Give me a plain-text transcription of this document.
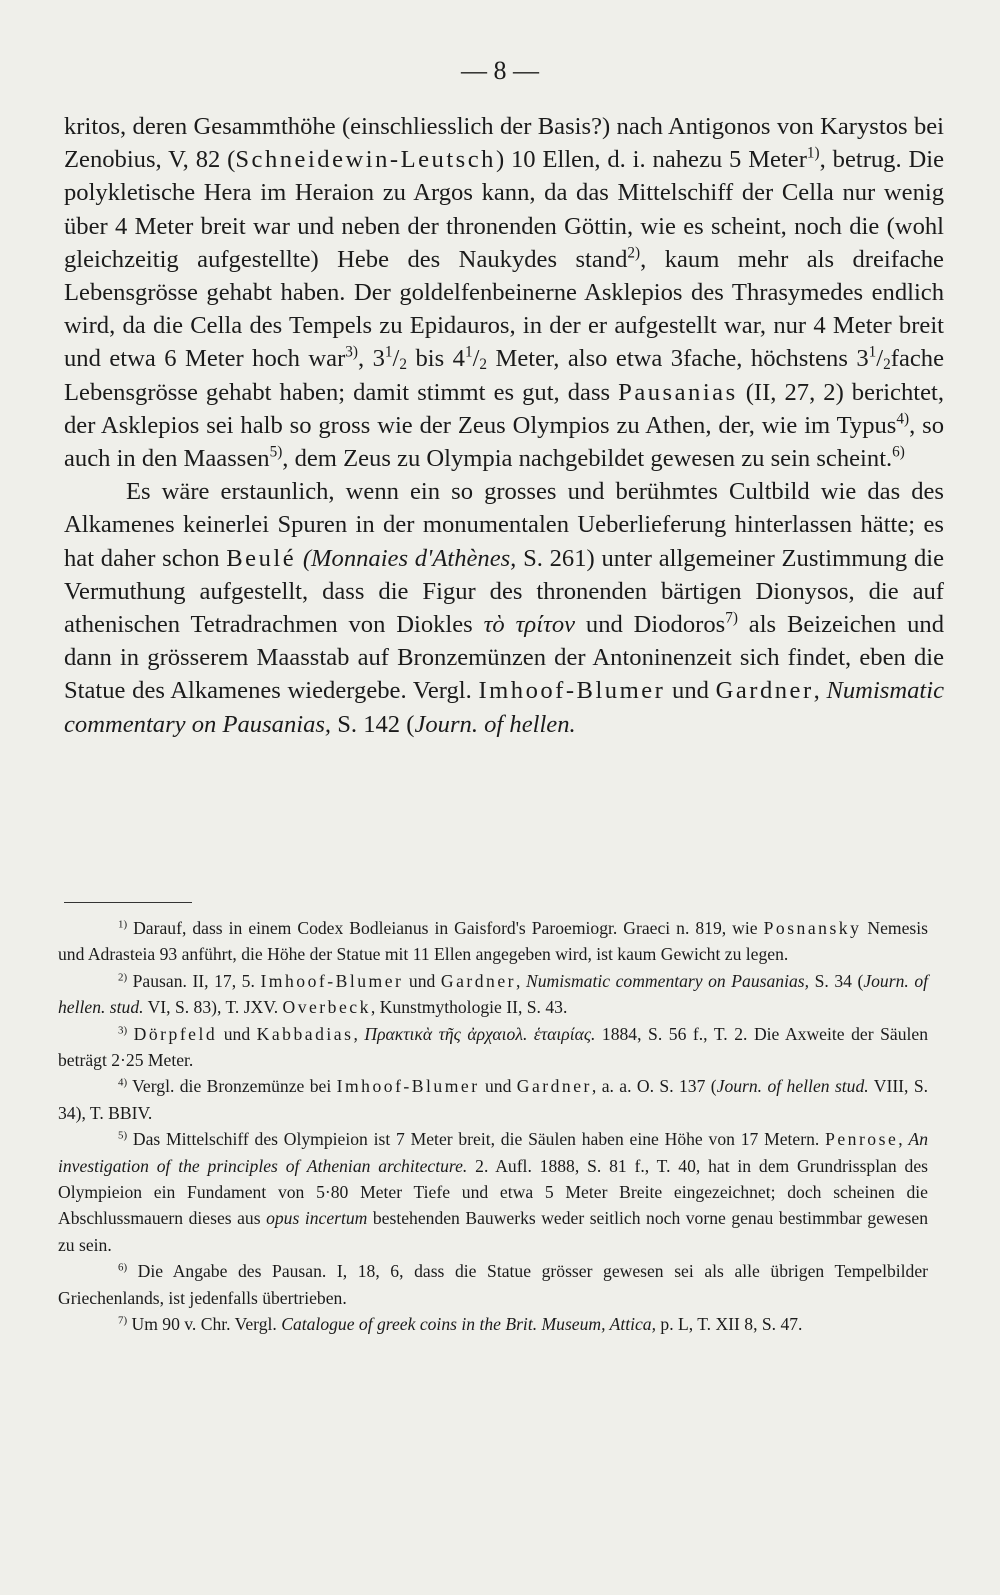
— 8 —

kritos, deren Gesammthöhe (einschliesslich der Basis?) nach Antigonos von Karystos bei Zenobius, V, 82 (Schneidewin-Leutsch) 10 Ellen, d. i. nahezu 5 Meter$^{1)}$, betrug. Die polykletische Hera im Heraion zu Argos kann, da das Mittelschiff der Cella nur wenig über 4 Meter breit war und neben der thronenden Göttin, wie es scheint, noch die (wohl gleichzeitig aufgestellte) Hebe des Naukydes stand$^{2)}$, kaum mehr als dreifache Lebensgrösse gehabt haben. Der goldelfenbeinerne Asklepios des Thrasymedes endlich wird, da die Cella des Tempels zu Epidauros, in der er aufgestellt war, nur 4 Meter breit und etwa 6 Meter hoch war$^{3)}$, $3^1/_2$ bis $4^1/_2$ Meter, also etwa 3fache, höchstens $3^1/_2fache$ Lebensgrösse gehabt haben; damit stimmt es gut, dass Pausanias (II, 27, 2) berichtet, der Asklepios sei halb so gross wie der Zeus Olympios zu Athen, der, wie im Typus$^{4)}$, so auch in den Maassen$^{5)}$, dem Zeus zu Olympia nachgebildet gewesen zu sein scheint.$^{6)}$

Es wäre erstaunlich, wenn ein so grosses und berühmtes Cultbild wie das des Alkamenes keinerlei Spuren in der monumentalen Ueberlieferung hinterlassen hätte; es hat daher schon Beulé (Monnaies d'Athènes, S. 261) unter allgemeiner Zustimmung die Vermuthung aufgestellt, dass die Figur des thronenden bärtigen Dionysos, die auf athenischen Tetradrachmen von Diokles τὸ τρίτον und Diodoros$^{7)}$ als Beizeichen und dann in grösserem Maasstab auf Bronzemünzen der Antoninenzeit sich findet, eben die Statue des Alkamenes wiedergebe. Vergl. Imhoof-Blumer und Gardner, Numismatic commentary on Pausanias, S. 142 (Journ. of hellen.

$^{1)}$ Darauf, dass in einem Codex Bodleianus in Gaisford's Paroemiogr. Graeci n. 819, wie Posnansky Nemesis und Adrasteia 93 anführt, die Höhe der Statue mit 11 Ellen angegeben wird, ist kaum Gewicht zu legen.

$^{2)}$ Pausan. II, 17, 5. Imhoof-Blumer und Gardner, Numismatic commentary on Pausanias, S. 34 (Journ. of hellen. stud. VI, S. 83), T. JXV. Overbeck, Kunstmythologie II, S. 43.

$^{3)}$ Dörpfeld und Kabbadias, Πρακτικὰ τῆς ἀρχαιολ. ἑταιρίας. 1884, S. 56 f., T. 2. Die Axweite der Säulen beträgt 2·25 Meter.

$^{4)}$ Vergl. die Bronzemünze bei Imhoof-Blumer und Gardner, a. a. O. S. 137 (Journ. of hellen stud. VIII, S. 34), T. BBIV.

$^{5)}$ Das Mittelschiff des Olympieion ist 7 Meter breit, die Säulen haben eine Höhe von 17 Metern. Penrose, An investigation of the principles of Athenian architecture. 2. Aufl. 1888, S. 81 f., T. 40, hat in dem Grundrissplan des Olympieion ein Fundament von 5·80 Meter Tiefe und etwa 5 Meter Breite eingezeichnet; doch scheinen die Abschlussmauern dieses aus opus incertum bestehenden Bauwerks weder seitlich noch vorne genau bestimmbar gewesen zu sein.

$^{6)}$ Die Angabe des Pausan. I, 18, 6, dass die Statue grösser gewesen sei als alle übrigen Tempelbilder Griechenlands, ist jedenfalls übertrieben.

$^{7)}$ Um 90 v. Chr. Vergl. Catalogue of greek coins in the Brit. Museum, Attica, p. L, T. XII 8, S. 47.
